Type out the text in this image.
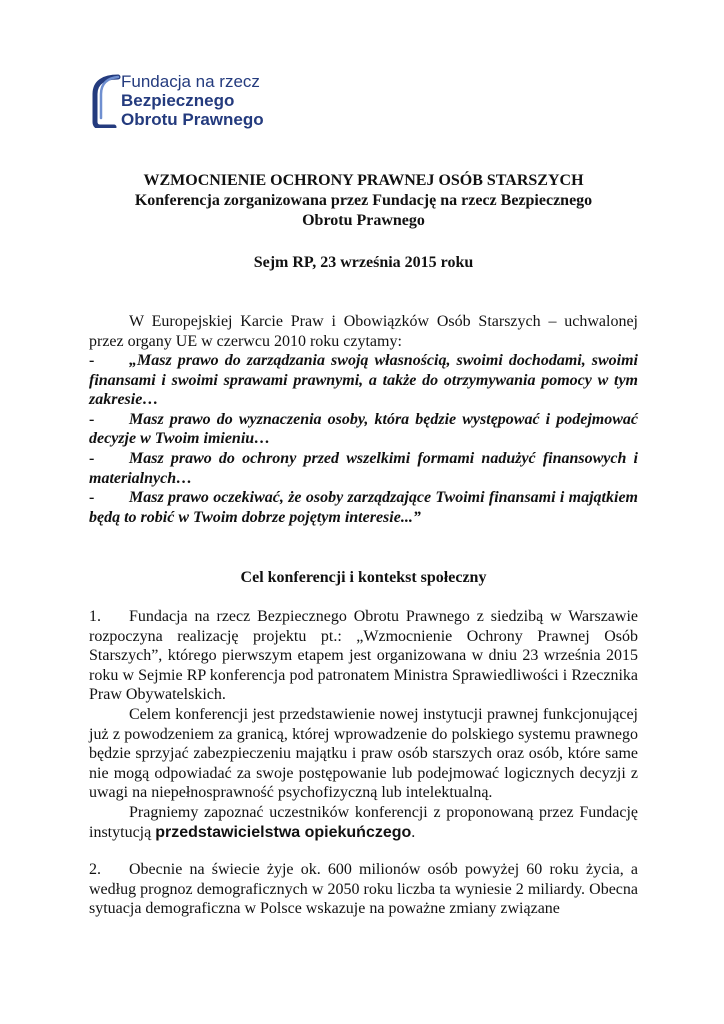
Fundacja na rzecz
Bezpiecznego
Obrotu Prawnego
WZMOCNIENIE OCHRONY PRAWNEJ OSÓB STARSZYCH
Konferencja zorganizowana przez Fundację na rzecz Bezpiecznego Obrotu Prawnego
Sejm RP, 23 września 2015 roku
W Europejskiej Karcie Praw i Obowiązków Osób Starszych – uchwalonej przez organy UE w czerwcu 2010 roku czytamy:
- „Masz prawo do zarządzania swoją własnością, swoimi dochodami, swoimi finansami i swoimi sprawami prawnymi, a także do otrzymywania pomocy w tym zakresie…
- Masz prawo do wyznaczenia osoby, która będzie występować i podejmować decyzje w Twoim imieniu…
- Masz prawo do ochrony przed wszelkimi formami nadużyć finansowych i materialnych…
- Masz prawo oczekiwać, że osoby zarządzające Twoimi finansami i majątkiem będą to robić w Twoim dobrze pojętym interesie...”
Cel konferencji i kontekst społeczny
1. Fundacja na rzecz Bezpiecznego Obrotu Prawnego z siedzibą w Warszawie rozpoczyna realizację projektu pt.: „Wzmocnienie Ochrony Prawnej Osób Starszych”, którego pierwszym etapem jest organizowana w dniu 23 września 2015 roku w Sejmie RP konferencja pod patronatem Ministra Sprawiedliwości i Rzecznika Praw Obywatelskich.
Celem konferencji jest przedstawienie nowej instytucji prawnej funkcjonującej już z powodzeniem za granicą, której wprowadzenie do polskiego systemu prawnego będzie sprzyjać zabezpieczeniu majątku i praw osób starszych oraz osób, które same nie mogą odpowiadać za swoje postępowanie lub podejmować logicznych decyzji z uwagi na niepełnosprawność psychofizyczną lub intelektualną.
Pragniemy zapoznać uczestników konferencji z proponowaną przez Fundację instytucją przedstawicielstwa opiekuńczego.
2. Obecnie na świecie żyje ok. 600 milionów osób powyżej 60 roku życia, a według prognoz demograficznych w 2050 roku liczba ta wyniesie 2 miliardy. Obecna sytuacja demograficzna w Polsce wskazuje na poważne zmiany związane
